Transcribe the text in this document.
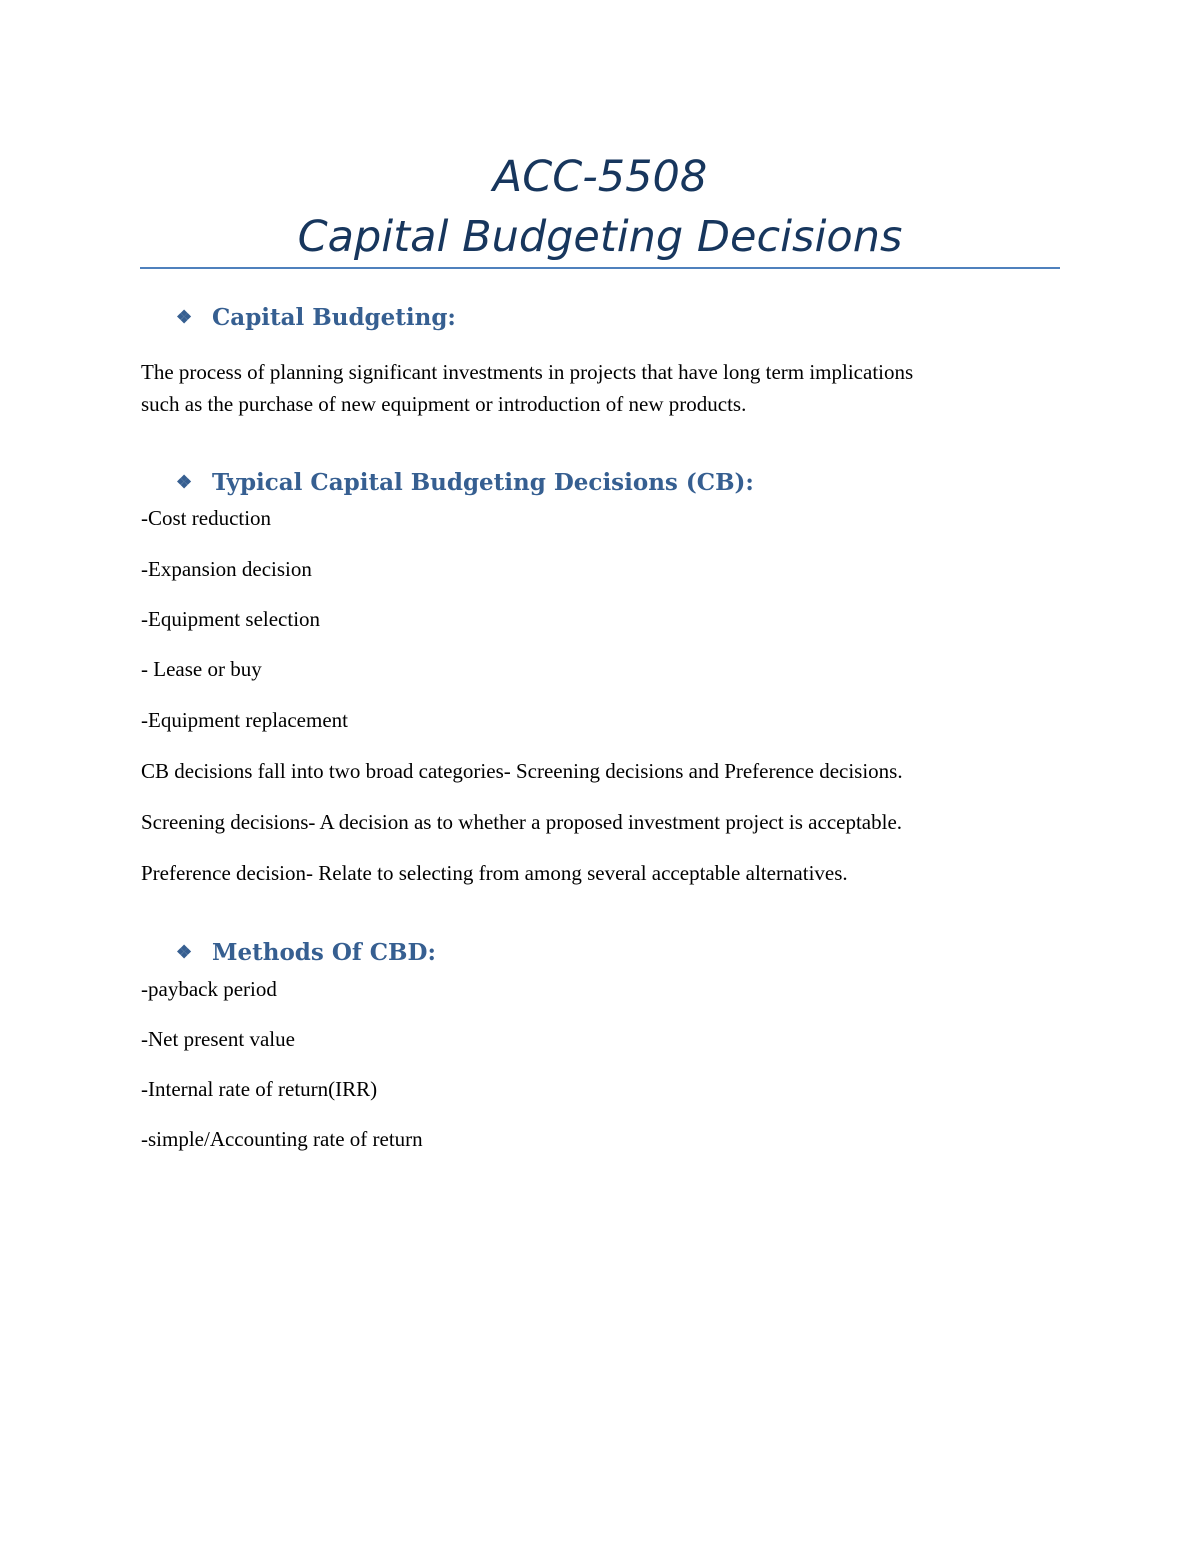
ACC-5508
Capital Budgeting Decisions
❖ Capital Budgeting:
The process of planning significant investments in projects that have long term implications
such as the purchase of new equipment or introduction of new products.
❖ Typical Capital Budgeting Decisions (CB):
-Cost reduction
-Expansion decision
-Equipment selection
- Lease or buy
-Equipment replacement
CB decisions fall into two broad categories- Screening decisions and Preference decisions.
Screening decisions- A decision as to whether a proposed investment project is acceptable.
Preference decision- Relate to selecting from among several acceptable alternatives.
❖ Methods Of CBD:
-payback period
-Net present value
-Internal rate of return(IRR)
-simple/Accounting rate of return
